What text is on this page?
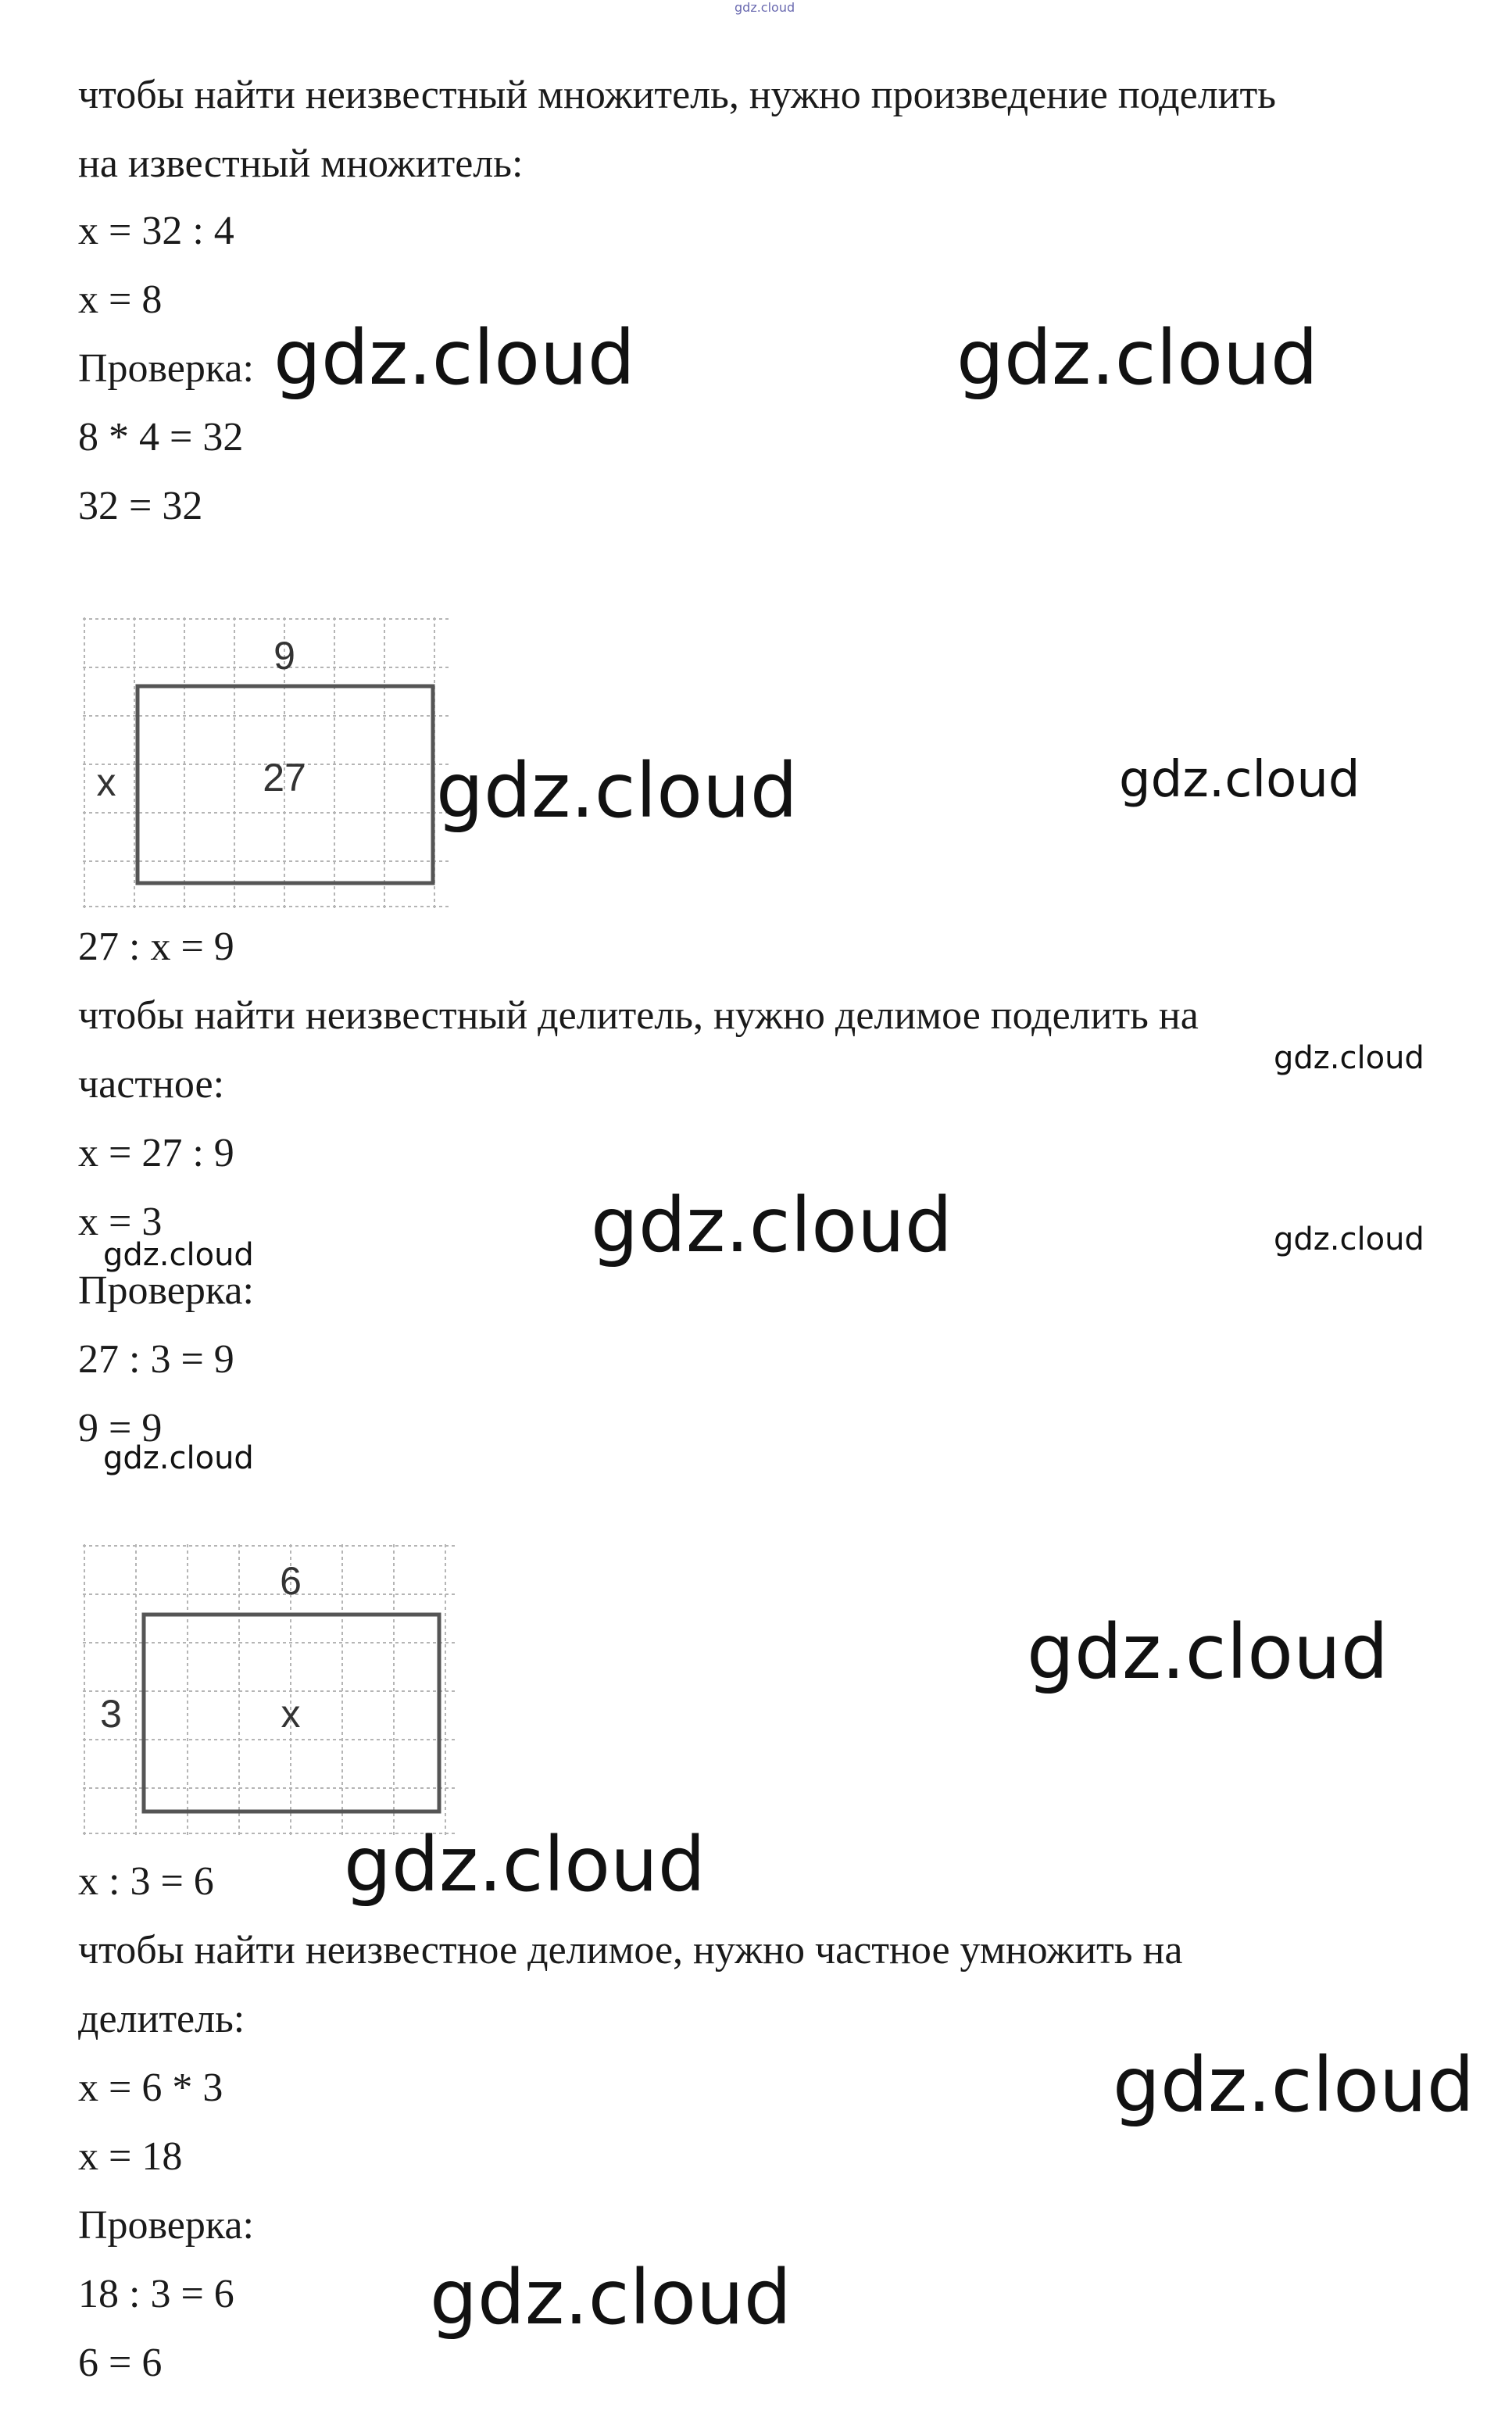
gdz.cloud
чтобы найти неизвестный множитель, нужно произведение поделить
на известный множитель:
x = 32 : 4
x = 8
Проверка:
8 * 4 = 32
32 = 32
gdz.cloud	gdz.cloud
9
x	27 gdz.cloud	gdz.cloud
27 : x = 9
чтобы найти неизвестный делитель, нужно делимое поделить на
частное:
x = 27 : 9
x = 3
Проверка:
27 : 3 = 9
9 = 9
gdz.cloud
gdz.cloud
gdz.cloud	gdz.cloud
gdz.cloud
6
3	x
gdz.cloud
x : 3 = 6
чтобы найти неизвестное делимое, нужно частное умножить на
делитель:
x = 6 * 3
x = 18
Проверка:
18 : 3 = 6
6 = 6
gdz.cloud
gdz.cloud
gdz.cloud
